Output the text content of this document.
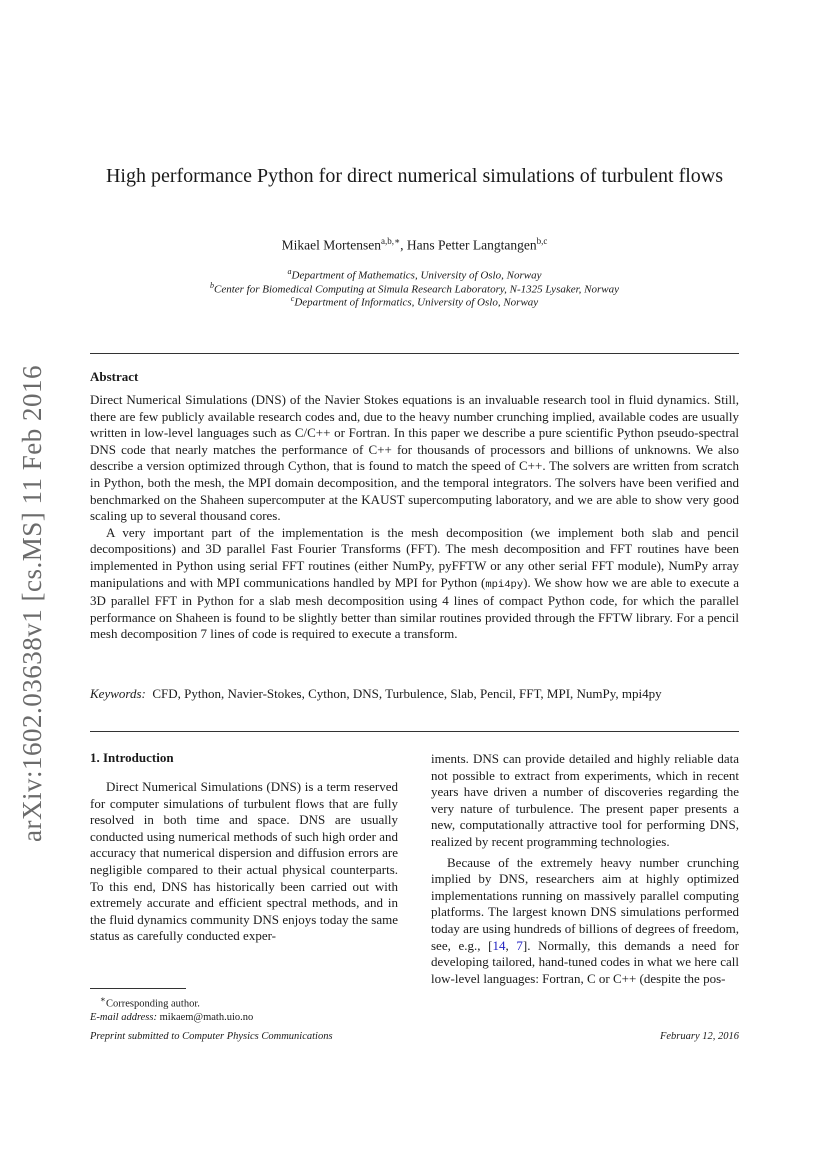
arXiv:1602.03638v1 [cs.MS] 11 Feb 2016
High performance Python for direct numerical simulations of turbulent flows
Mikael Mortensen$^{a,b,∗}$, Hans Petter Langtangen$^{b,c}$
$^a$Department of Mathematics, University of Oslo, Norway
$^b$Center for Biomedical Computing at Simula Research Laboratory, N-1325 Lysaker, Norway
$^c$Department of Informatics, University of Oslo, Norway
Abstract

Direct Numerical Simulations (DNS) of the Navier Stokes equations is an invaluable research tool in fluid dynamics. Still, there are few publicly available research codes and, due to the heavy number crunching implied, available codes are usually written in low-level languages such as C/C++ or Fortran. In this paper we describe a pure scientific Python pseudo-spectral DNS code that nearly matches the performance of C++ for thousands of processors and billions of unknowns. We also describe a version optimized through Cython, that is found to match the speed of C++. The solvers are written from scratch in Python, both the mesh, the MPI domain decomposition, and the temporal integrators. The solvers have been verified and benchmarked on the Shaheen supercomputer at the KAUST supercomputing laboratory, and we are able to show very good scaling up to several thousand cores.

A very important part of the implementation is the mesh decomposition (we implement both slab and pencil decompositions) and 3D parallel Fast Fourier Transforms (FFT). The mesh decomposition and FFT routines have been implemented in Python using serial FFT routines (either NumPy, pyFFTW or any other serial FFT module), NumPy array manipulations and with MPI communications handled by MPI for Python (mpi4py). We show how we are able to execute a 3D parallel FFT in Python for a slab mesh decomposition using 4 lines of compact Python code, for which the parallel performance on Shaheen is found to be slightly better than similar routines provided through the FFTW library. For a pencil mesh decomposition 7 lines of code is required to execute a transform.

Keywords: CFD, Python, Navier-Stokes, Cython, DNS, Turbulence, Slab, Pencil, FFT, MPI, NumPy, mpi4py
1. Introduction

Direct Numerical Simulations (DNS) is a term reserved for computer simulations of turbulent flows that are fully resolved in both time and space. DNS are usually conducted using numerical methods of such high order and accuracy that numerical dispersion and diffusion errors are negligible compared to their actual physical counterparts. To this end, DNS has historically been carried out with extremely accurate and efficient spectral methods, and in the fluid dynamics community DNS enjoys today the same status as carefully conducted exper-

iments. DNS can provide detailed and highly reliable data not possible to extract from experiments, which in recent years have driven a number of discoveries regarding the very nature of turbulence. The present paper presents a new, computationally attractive tool for performing DNS, realized by recent programming technologies.

Because of the extremely heavy number crunching implied by DNS, researchers aim at highly optimized implementations running on massively parallel computing platforms. The largest known DNS simulations performed today are using hundreds of billions of degrees of freedom, see, e.g., [14, 7]. Normally, this demands a need for developing tailored, hand-tuned codes in what we here call low-level languages: Fortran, C or C++ (despite the pos-

∗Corresponding author.
E-mail address: mikaem@math.uio.no
Preprint submitted to Computer Physics Communications	February 12, 2016
